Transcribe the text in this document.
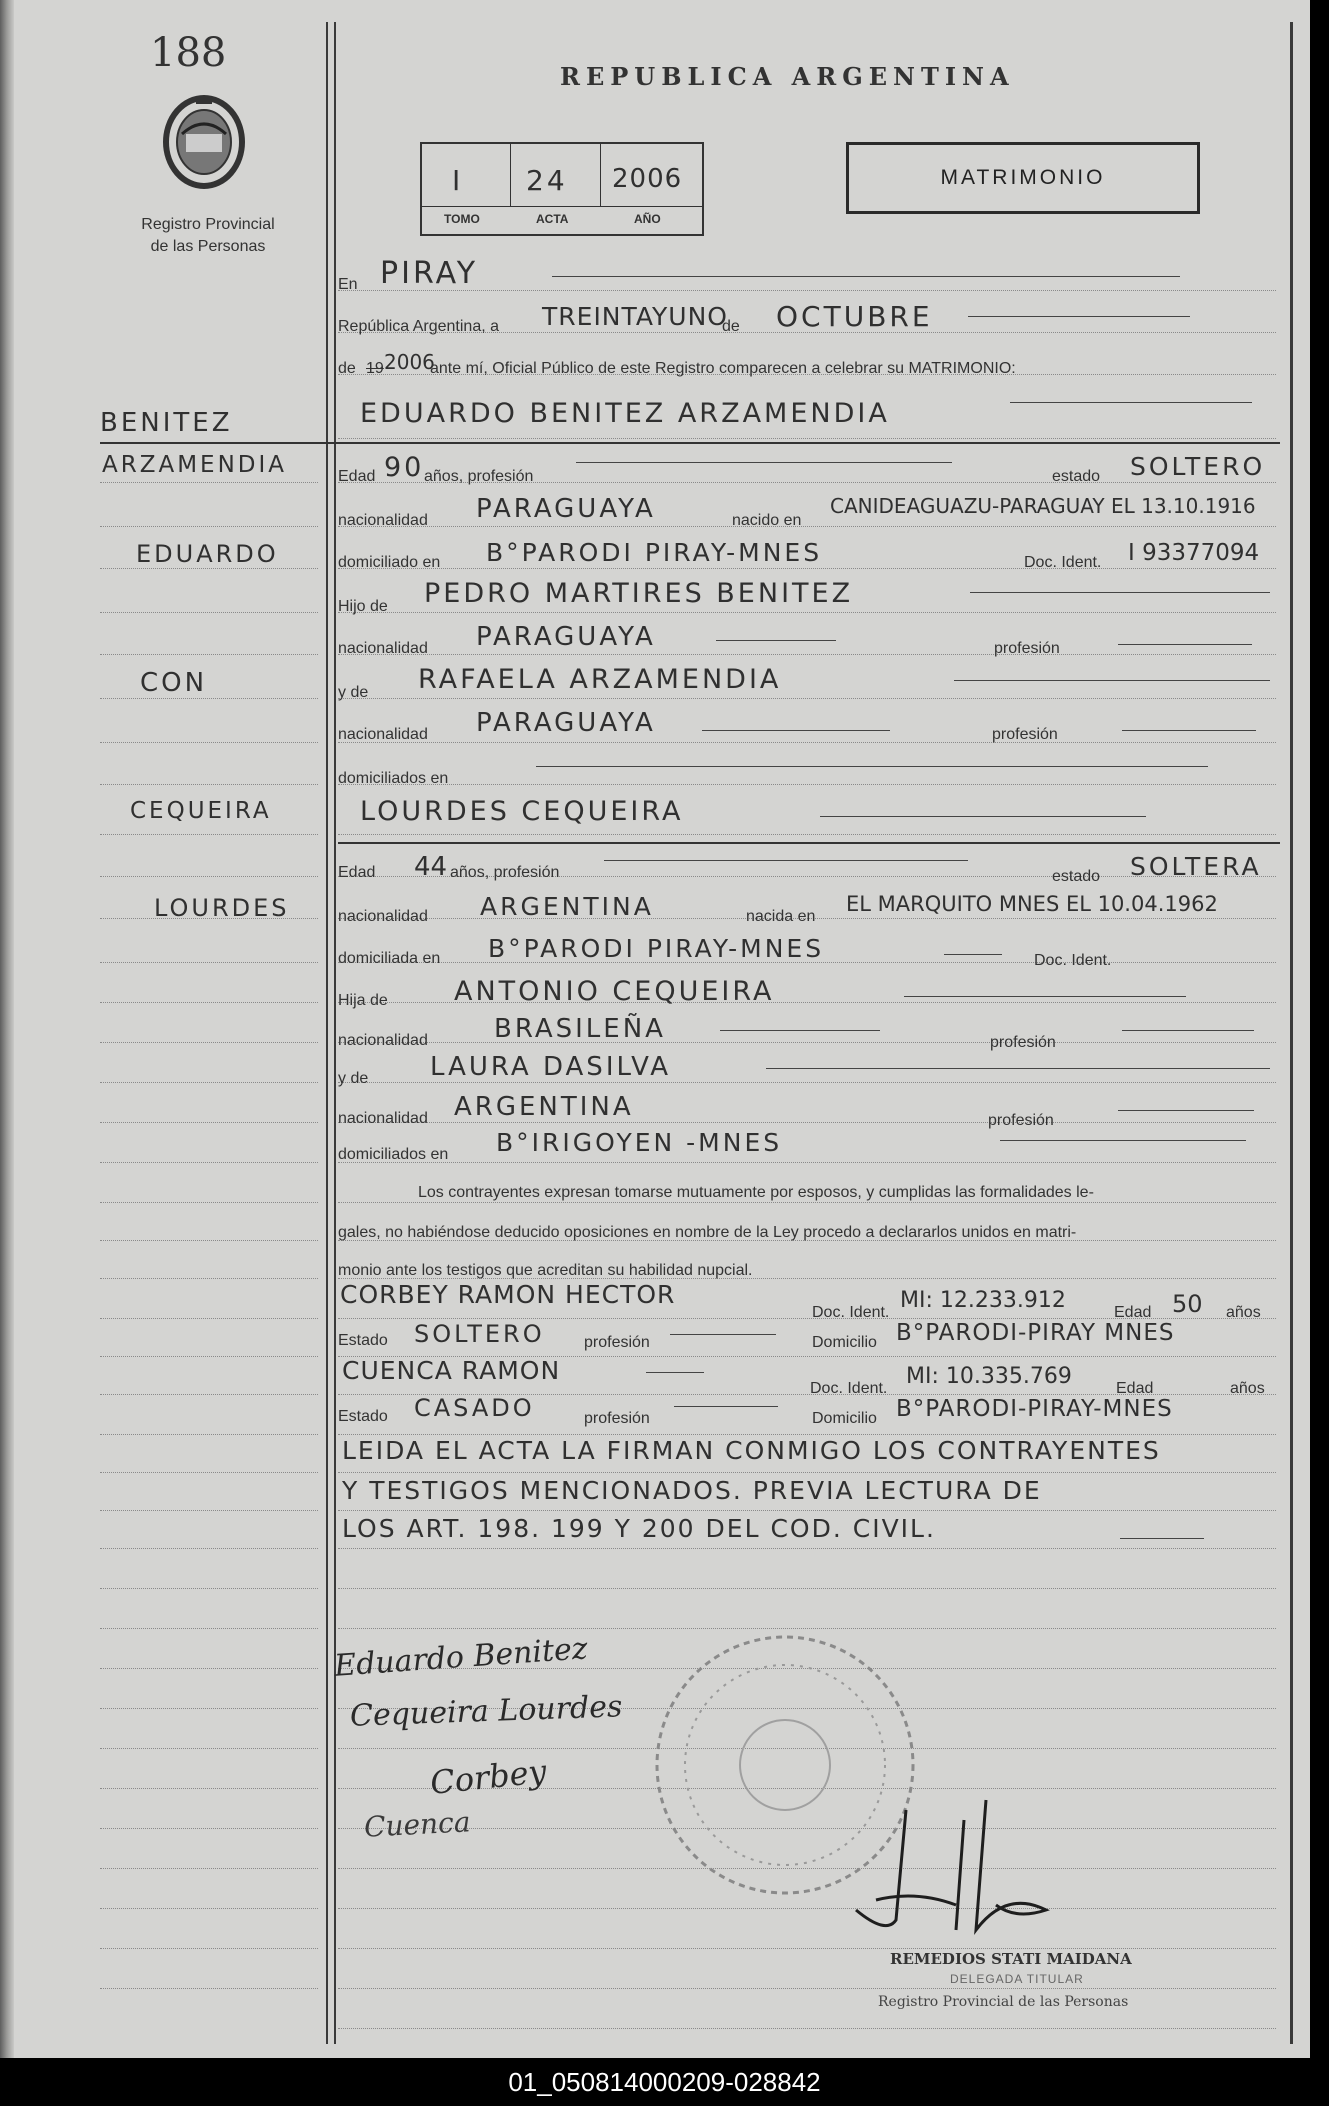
188
Registro Provincial
de las Personas
REPUBLICA ARGENTINA
I 24 2006
TOMO	ACTA	AÑO
MATRIMONIO
BENITEZ
ARZAMENDIA
EDUARDO
CON
CEQUEIRA
LOURDES
En PIRAY
República Argentina, a TREINTAYUNO
de OCTUBRE
de 19 2006
ante mí, Oficial Público de este Registro comparecen a celebrar su MATRIMONIO:
EDUARDO BENITEZ ARZAMENDIA
Edad 90 años, profesión	estado SOLTERO
nacionalidad PARAGUAYA	nacido en
CANIDEAGUAZU-PARAGUAY EL 13.10.1916
domiciliado en B°PARODI PIRAY-MNES	Doc. Ident. I 93377094
Hijo de PEDRO MARTIRES BENITEZ
nacionalidad PARAGUAYA	profesión
y de RAFAELA ARZAMENDIA
nacionalidad PARAGUAYA	profesión
domiciliados en
LOURDES CEQUEIRA
Edad 44 años, profesión	estado SOLTERA
nacionalidad ARGENTINA	nacida en
EL MARQUITO MNES EL 10.04.1962
domiciliada en B°PARODI PIRAY-MNES	Doc. Ident.
Hija de ANTONIO CEQUEIRA
nacionalidad	BRASILEÑA	profesión
y de LAURA DASILVA
nacionalidad ARGENTINA	profesión
domiciliados en B°IRIGOYEN -MNES
Los contrayentes expresan tomarse mutuamente por esposos, y cumplidas las formalidades le-
gales, no habiéndose deducido oposiciones en nombre de la Ley procedo a declararlos unidos en matri-
monio ante los testigos que acreditan su habilidad nupcial.
CORBEY RAMON HECTOR
Doc. Ident. MI: 12.233.912	Edad 50 años
Estado SOLTERO profesión	Domicilio B°PARODI-PIRAY MNES
CUENCA RAMON
Doc. Ident. MI: 10.335.769	Edad	años
Estado CASADO	profesión	Domicilio B°PARODI-PIRAY-MNES
LEIDA EL ACTA LA FIRMAN CONMIGO LOS CONTRAYENTES
Y TESTIGOS MENCIONADOS. PREVIA LECTURA DE
LOS ART. 198. 199 Y 200 DEL COD. CIVIL.
Eduardo Benitez
Cequeira Lourdes
Corbey
Cuenca
REMEDIOS STATI MAIDANA
DELEGADA TITULAR
Registro Provincial de las Personas
01_050814000209-028842
